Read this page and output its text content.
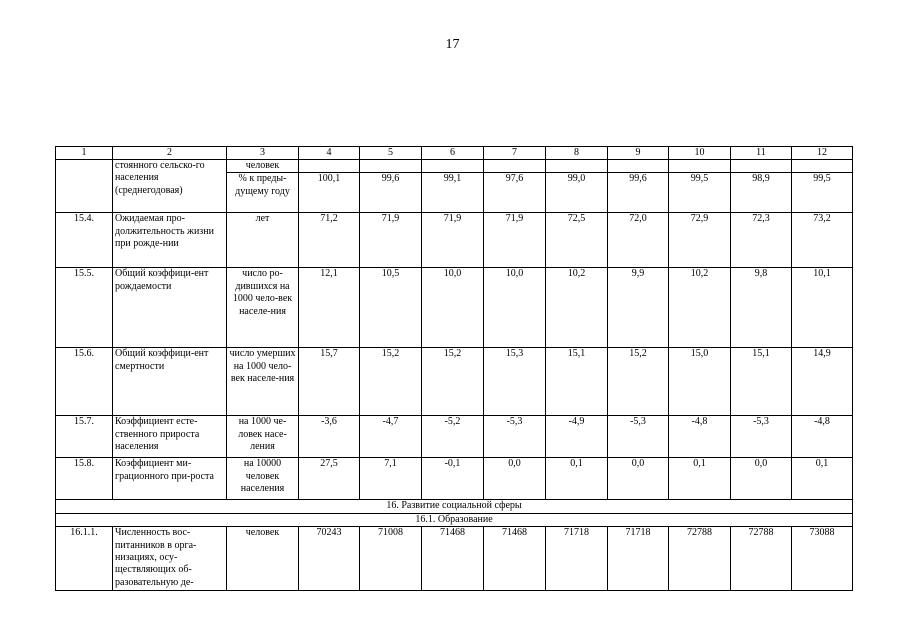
17
1	2	3	4	5	6	7	8	9	10	11	12
	стоянного сельско-го населения (среднегодовая)	человек									
		% к преды-дущему году	100,1	99,6	99,1	97,6	99,0	99,6	99,5	98,9	99,5
15.4.	Ожидаемая про-должительность жизни при рожде-нии	лет	71,2	71,9	71,9	71,9	72,5	72,0	72,9	72,3	73,2
15.5.	Общий коэффици-ент рождаемости	число ро-дившихся на 1000 чело-век населе-ния	12,1	10,5	10,0	10,0	10,2	9,9	10,2	9,8	10,1
15.6.	Общий коэффици-ент смертности	число умерших на 1000 чело-век населе-ния	15,7	15,2	15,2	15,3	15,1	15,2	15,0	15,1	14,9
15.7.	Коэффициент есте-ственного прироста населения	на 1000 че-ловек насе-ления	-3,6	-4,7	-5,2	-5,3	-4,9	-5,3	-4,8	-5,3	-4,8
15.8.	Коэффициент ми-грационного при-роста	на 10000 человек населения	27,5	7,1	-0,1	0,0	0,1	0,0	0,1	0,0	0,1
16. Развитие социальной сферы											
16.1. Образование											
16.1.1.	Численность вос-питанников в орга-низациях, осу-ществляющих об-разовательную де-	человек	70243	71008	71468	71468	71718	71718	72788	72788	73088
